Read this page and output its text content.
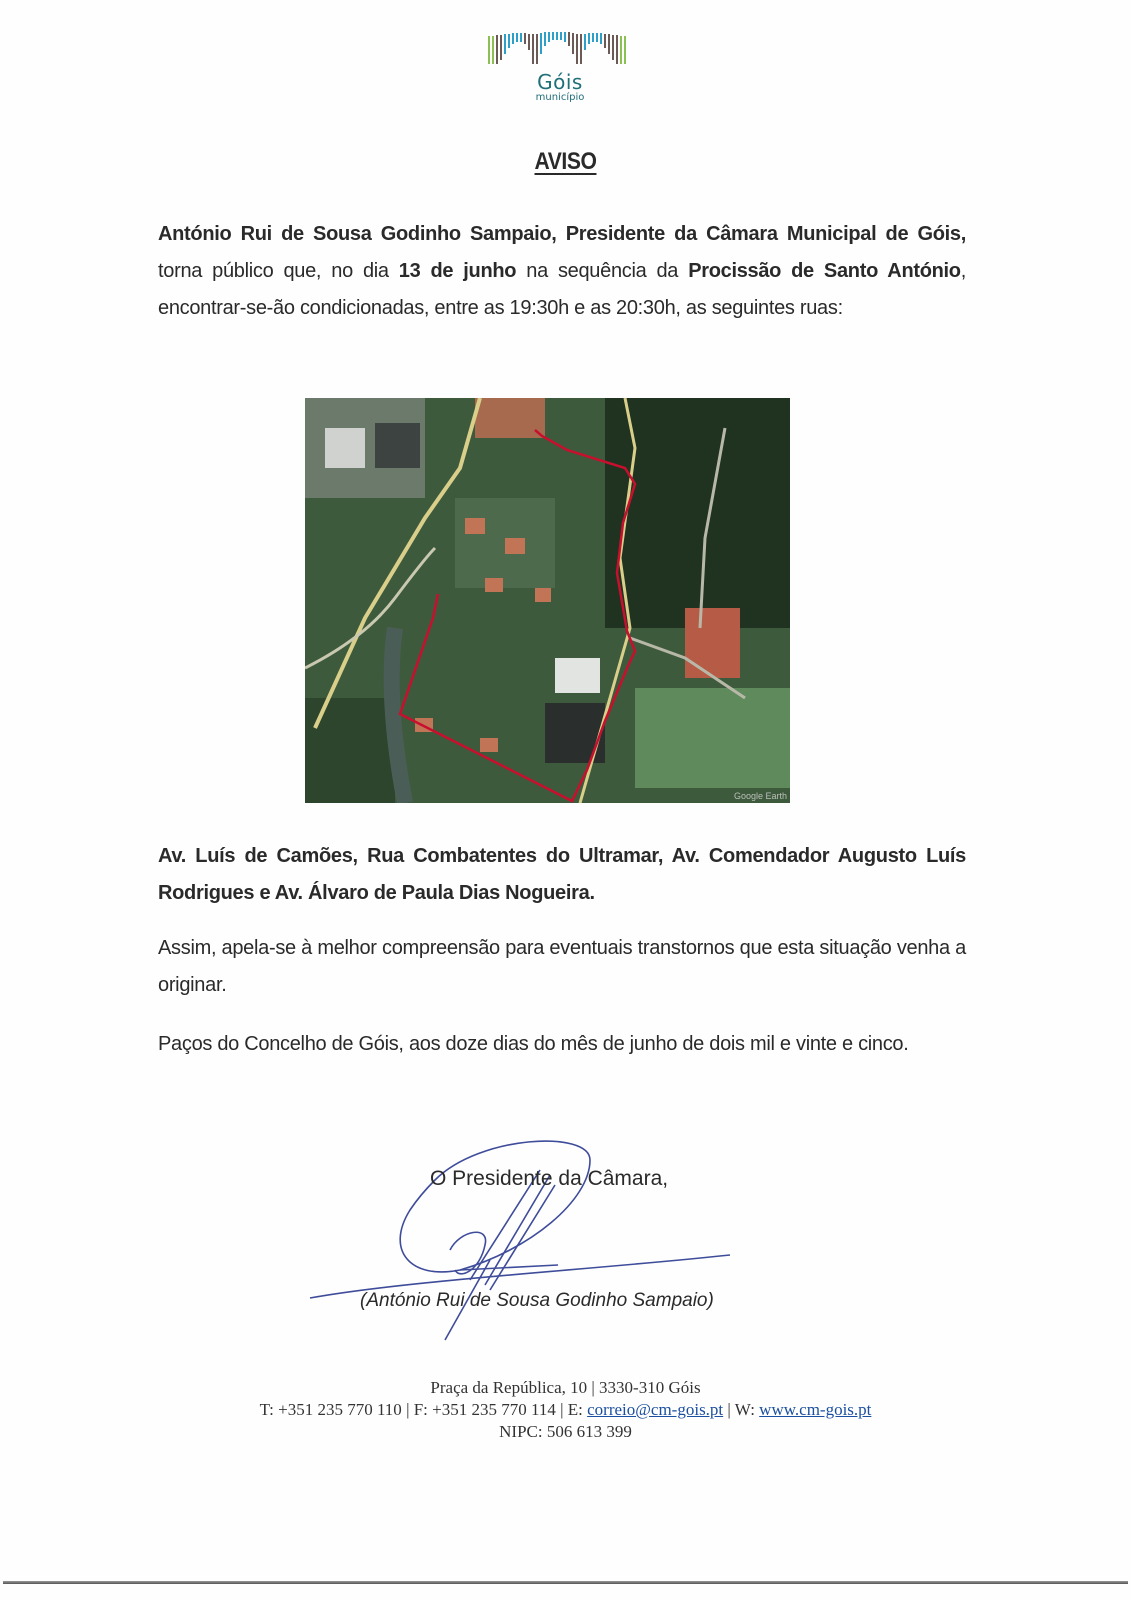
Góis
município
AVISO
António Rui de Sousa Godinho Sampaio, Presidente da Câmara Municipal de Góis, torna público que, no dia 13 de junho na sequência da Procissão de Santo António, encontrar-se-ão condicionadas, entre as 19:30h e as 20:30h, as seguintes ruas:
Google Earth
Av. Luís de Camões, Rua Combatentes do Ultramar, Av. Comendador Augusto Luís Rodrigues e Av. Álvaro de Paula Dias Nogueira.
Assim, apela-se à melhor compreensão para eventuais transtornos que esta situação venha a originar.
Paços do Concelho de Góis, aos doze dias do mês de junho de dois mil e vinte e cinco.
O Presidente da Câmara,
(António Rui de Sousa Godinho Sampaio)
Praça da República, 10 | 3330-310 Góis
T: +351 235 770 110 | F: +351 235 770 114 | E: correio@cm-gois.pt | W: www.cm-gois.pt
NIPC: 506 613 399
